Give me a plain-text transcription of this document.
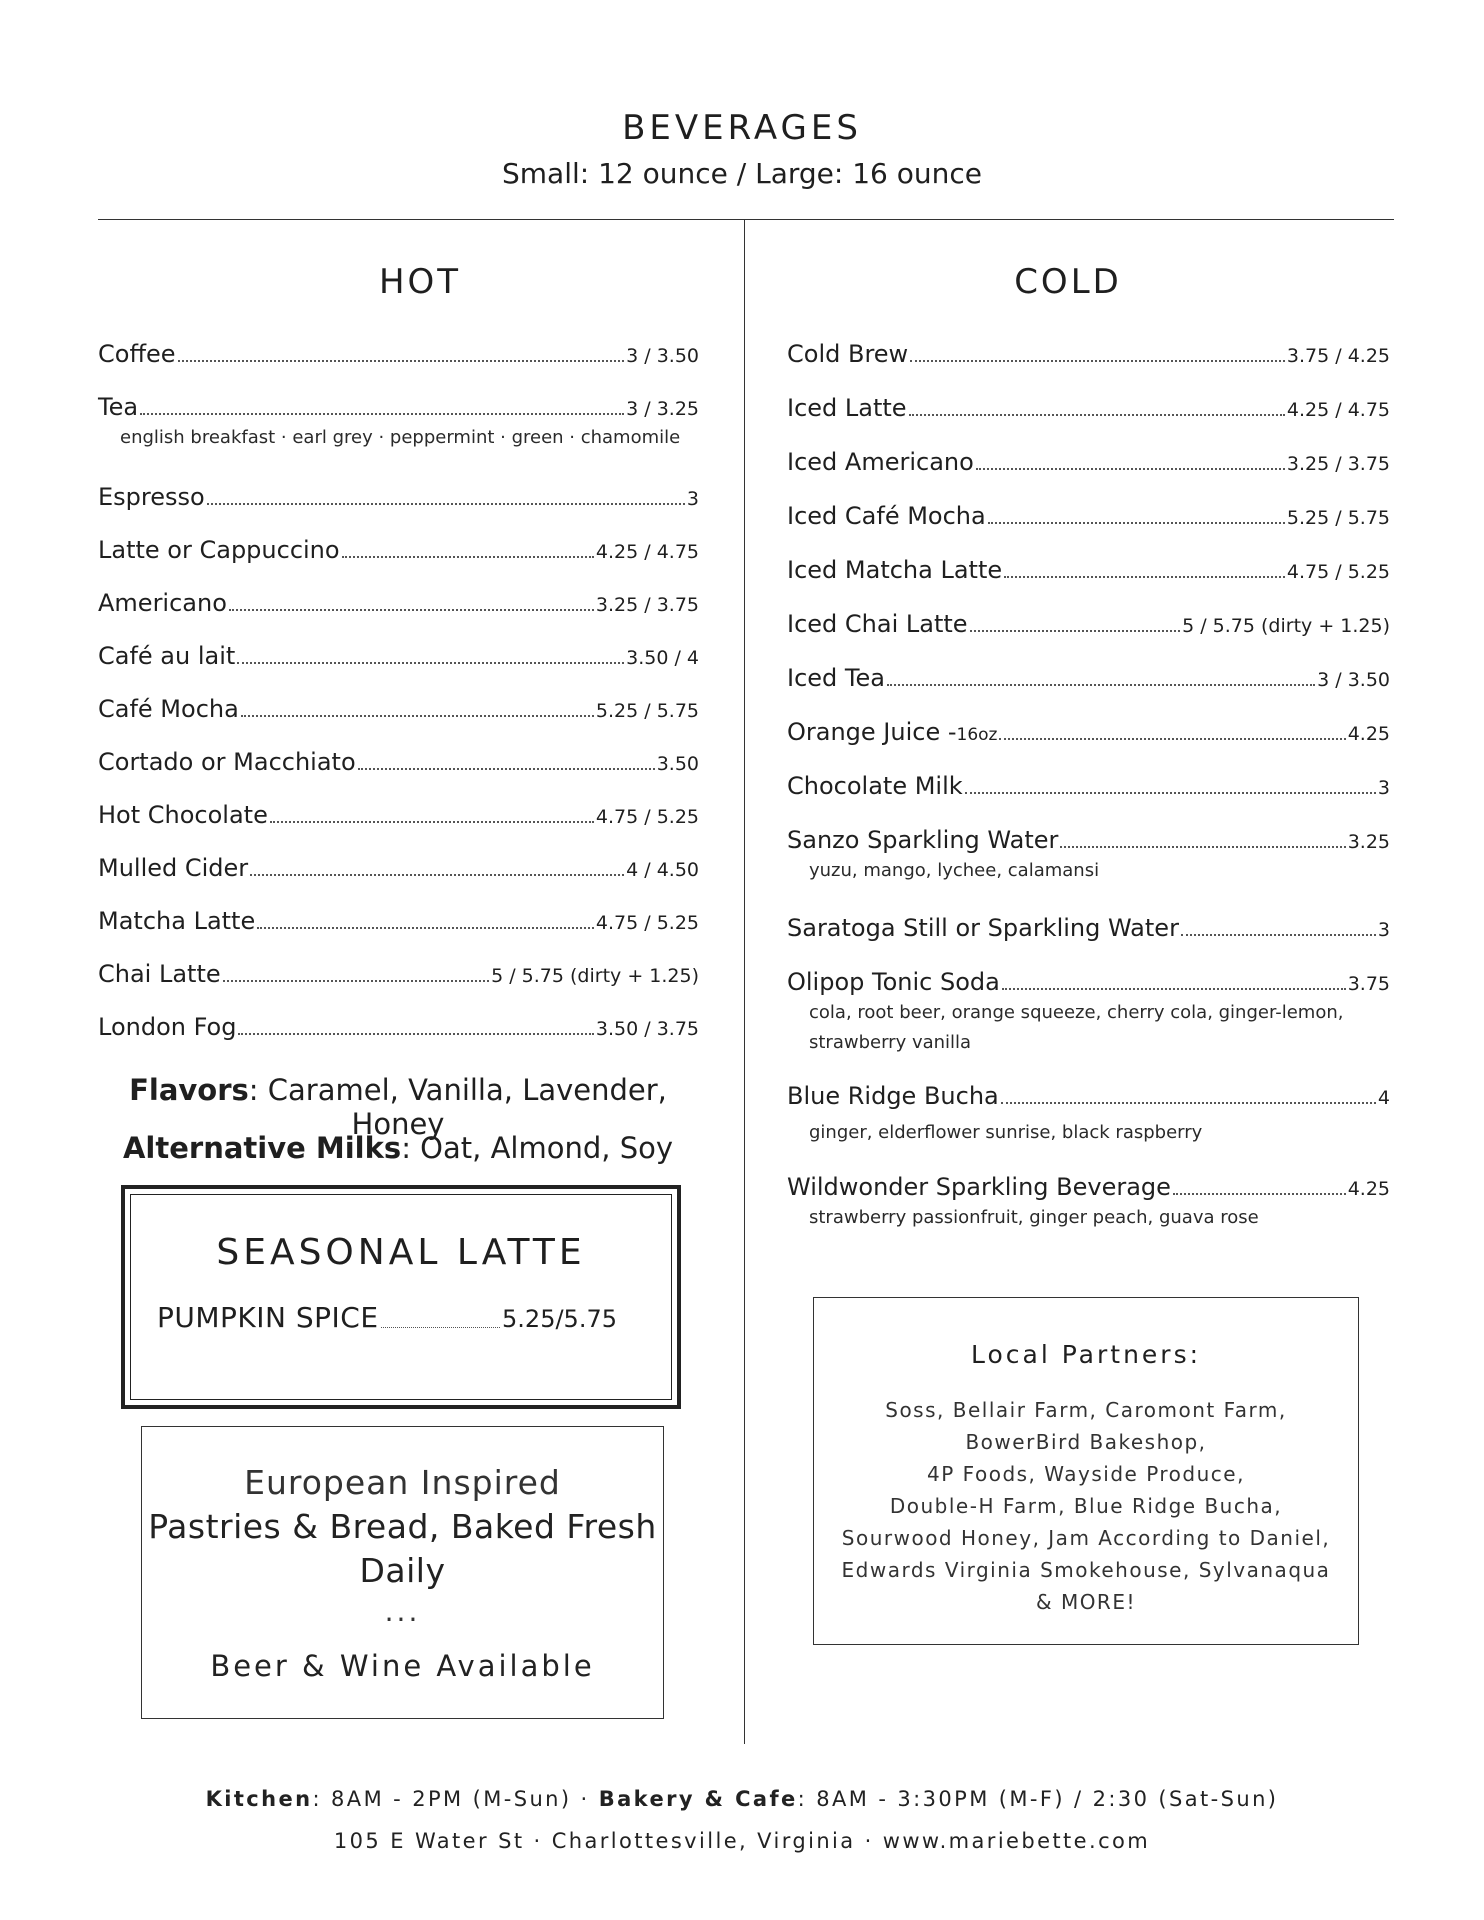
BEVERAGES
Small: 12 ounce / Large: 16 ounce
HOT	COLD
Coffee	3 / 3.50
Tea	3 / 3.25
english breakfast · earl grey · peppermint · green · chamomile
Espresso	3
Latte or Cappuccino	4.25 / 4.75
Americano	3.25 / 3.75
Café au lait	3.50 / 4
Café Mocha	5.25 / 5.75
Cortado or Macchiato	3.50
Hot Chocolate	4.75 / 5.25
Mulled Cider	4 / 4.50
Matcha Latte	4.75 / 5.25
Chai Latte	5 / 5.75 (dirty + 1.25)
London Fog	3.50 / 3.75
Flavors: Caramel, Vanilla, Lavender, Honey
Alternative Milks: Oat, Almond, Soy
Cold Brew	3.75 / 4.25
Iced Latte	4.25 / 4.75
Iced Americano	3.25 / 3.75
Iced Café Mocha	5.25 / 5.75
Iced Matcha Latte	4.75 / 5.25
Iced Chai Latte	5 / 5.75 (dirty + 1.25)
Iced Tea	3 / 3.50
Orange Juice - 16oz	4.25
Chocolate Milk	3
Sanzo Sparkling Water	3.25
yuzu, mango, lychee, calamansi
Saratoga Still or Sparkling Water	3
Olipop Tonic Soda	3.75
cola, root beer, orange squeeze, cherry cola, ginger-lemon,
strawberry vanilla
Blue Ridge Bucha	4
ginger, elderflower sunrise, black raspberry
Wildwonder Sparkling Beverage	4.25
strawberry passionfruit, ginger peach, guava rose
SEASONAL LATTE
PUMPKIN SPICE	5.25/5.75
European Inspired
Pastries & Bread, Baked Fresh Daily
...
Beer & Wine Available
Local Partners:
Soss, Bellair Farm, Caromont Farm,
BowerBird Bakeshop,
4P Foods, Wayside Produce,
Double-H Farm, Blue Ridge Bucha,
Sourwood Honey, Jam According to Daniel,
Edwards Virginia Smokehouse, Sylvanaqua
& MORE!
Kitchen: 8AM - 2PM (M-Sun) · Bakery & Cafe: 8AM - 3:30PM (M-F) / 2:30 (Sat-Sun)
105 E Water St · Charlottesville, Virginia · www.mariebette.com
